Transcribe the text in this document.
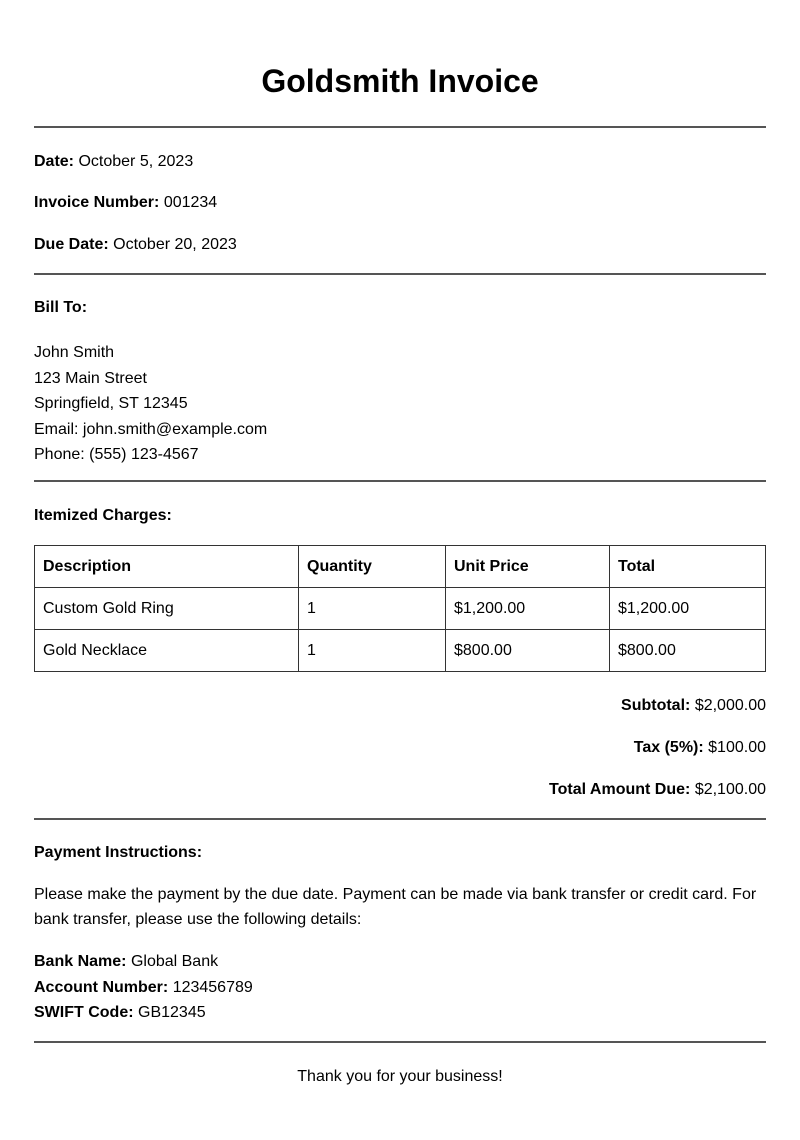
Goldsmith Invoice
Date: October 5, 2023
Invoice Number: 001234
Due Date: October 20, 2023
Bill To:
John Smith
123 Main Street
Springfield, ST 12345
Email: john.smith@example.com
Phone: (555) 123-4567
Itemized Charges:
Description	Quantity	Unit Price	Total
Custom Gold Ring	1	$1,200.00	$1,200.00
Gold Necklace	1	$800.00	$800.00
Subtotal: $2,000.00
Tax (5%): $100.00
Total Amount Due: $2,100.00
Payment Instructions:
Please make the payment by the due date. Payment can be made via bank transfer or credit card. For bank transfer, please use the following details:
Bank Name: Global Bank
Account Number: 123456789
SWIFT Code: GB12345
Thank you for your business!
